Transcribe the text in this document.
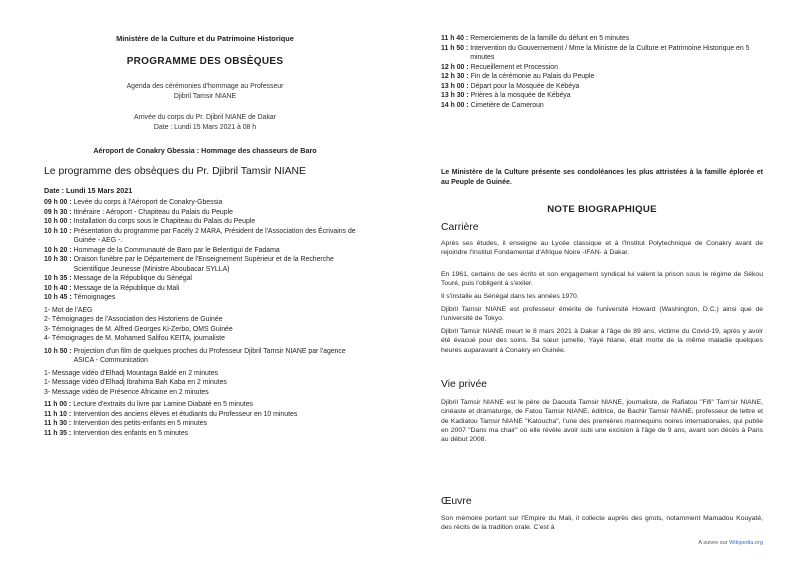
Ministère de la Culture et du Patrimoine Historique
PROGRAMME DES OBSÈQUES
Agenda des cérémonies d'hommage au Professeur
Djibril Tamsir NIANE
Arrivée du corps du Pr. Djibril NIANE de Dakar
Date : Lundi 15 Mars 2021 à 08 h
Aéroport de Conakry Gbessia : Hommage des chasseurs de Baro
Le programme des obsèques du Pr. Djibril Tamsir NIANE
Date : Lundi 15 Mars 2021
09 h 00 : Levée du corps à l'Aéroport de Conakry-Gbessia
09 h 30 : Itinéraire : Aéroport - Chapiteau du Palais du Peuple
10 h 00 : Installation du corps sous le Chapiteau du Palais du Peuple
10 h 10 : Présentation du programme par Facély 2 MARA, Président de l'Association des Écrivains de Guinée - AEG -.
10 h 20 : Hommage de la Communauté de Baro par le Belentigui de Fadama
10 h 30 : Oraison funèbre par le Département de l'Enseignement Supérieur et de la Recherche Scientifique Jeunesse (Ministre Aboubacar SYLLA)
10 h 35 : Message de la République du Sénégal
10 h 40 : Message de la République du Mali
10 h 45 : Témoignages
1- Mot de l'AEG
2- Témoignages de l'Association des Historiens de Guinée
3- Témoignages de M. Alfred Georges Ki-Zerbo, OMS Guinée
4- Témoignages de M. Mohamed Salifou KEITA, journaliste
10 h 50 : Projection d'un film de quelques proches du Professeur Djibril Tamsir NIANE par l'agence ASICA - Communication
1- Message vidéo d'Elhadj Mountaga Baldé en 2 minutes
1- Message vidéo d'Elhadj Ibrahima Bah Kaba en 2 minutes
3- Message vidéo de Présence Africaine en 2 minutes
11 h 00 : Lecture d'extraits du livre par Lamine Diabaté en 5 minutes
11 h 10 : Intervention des anciens élèves et étudiants du Professeur en 10 minutes
11 h 30 : Intervention des petits-enfants en 5 minutes
11 h 35 : Intervention des enfants en 5 minutes
11 h 40 : Remerciements de la famille du défunt en 5 minutes
11 h 50 : Intervention du Gouvernement / Mme la Ministre de la Culture et Patrimoine Historique en 5 minutes
12 h 00 : Recueillement et Procession
12 h 30 : Fin de la cérémonie au Palais du Peuple
13 h 00 : Départ pour la Mosquée de Kébéya
13 h 30 : Prières à la mosquée de Kébéya
14 h 00 : Cimetière de Cameroun
Le Ministère de la Culture présente ses condoléances les plus attristées à la famille éplorée et au Peuple de Guinée.
NOTE BIOGRAPHIQUE
Carrière
Après ses études, il enseigne au Lycée classique et à l'Institut Polytechnique de Conakry avant de rejoindre l'Institut Fondamental d'Afrique Noire -IFAN- à Dakar.
En 1961, certains de ses écrits et son engagement syndical lui valent la prison sous le régime de Sékou Touré, puis l'obligent à s'exiler.
Il s'installe au Sénégal dans les années 1970.
Djibril Tamsir NIANE est professeur émérite de l'université Howard (Washington, D.C.) ainsi que de l'université de Tokyo.
Djibril Tamsir NIANE meurt le 8 mars 2021 à Dakar à l'âge de 89 ans, victime du Covid-19, après y avoir été évacué pour des soins. Sa sœur jumelle, Yayé Niane, était morte de la même maladie quelques heures auparavant à Conakry en Guinée.
Vie privée
Djibril Tamsir NIANE est le père de Daouda Tamsir NIANE, journaliste, de Rafiatou "Fifi" Tam'sir NIANE, cinéaste et dramaturge, de Fatou Tamsir NIANE, éditrice, de Bachir Tamsir NIANE, professeur de lettre et de Kadiatou Tamsir NIANE "Katoucha", l'une des premières mannequins noires internationales, qui publie en 2007 "Dans ma chair" où elle révèle avoir subi une excision à l'âge de 9 ans, avant son décès à Paris au début 2008.
Œuvre
Son mémoire portant sur l'Empire du Mali, il collecte auprès des griots, notamment Mamadou Kouyaté, des récits de la tradition orale. C'est à
A suivre sur Wikipedia.org
